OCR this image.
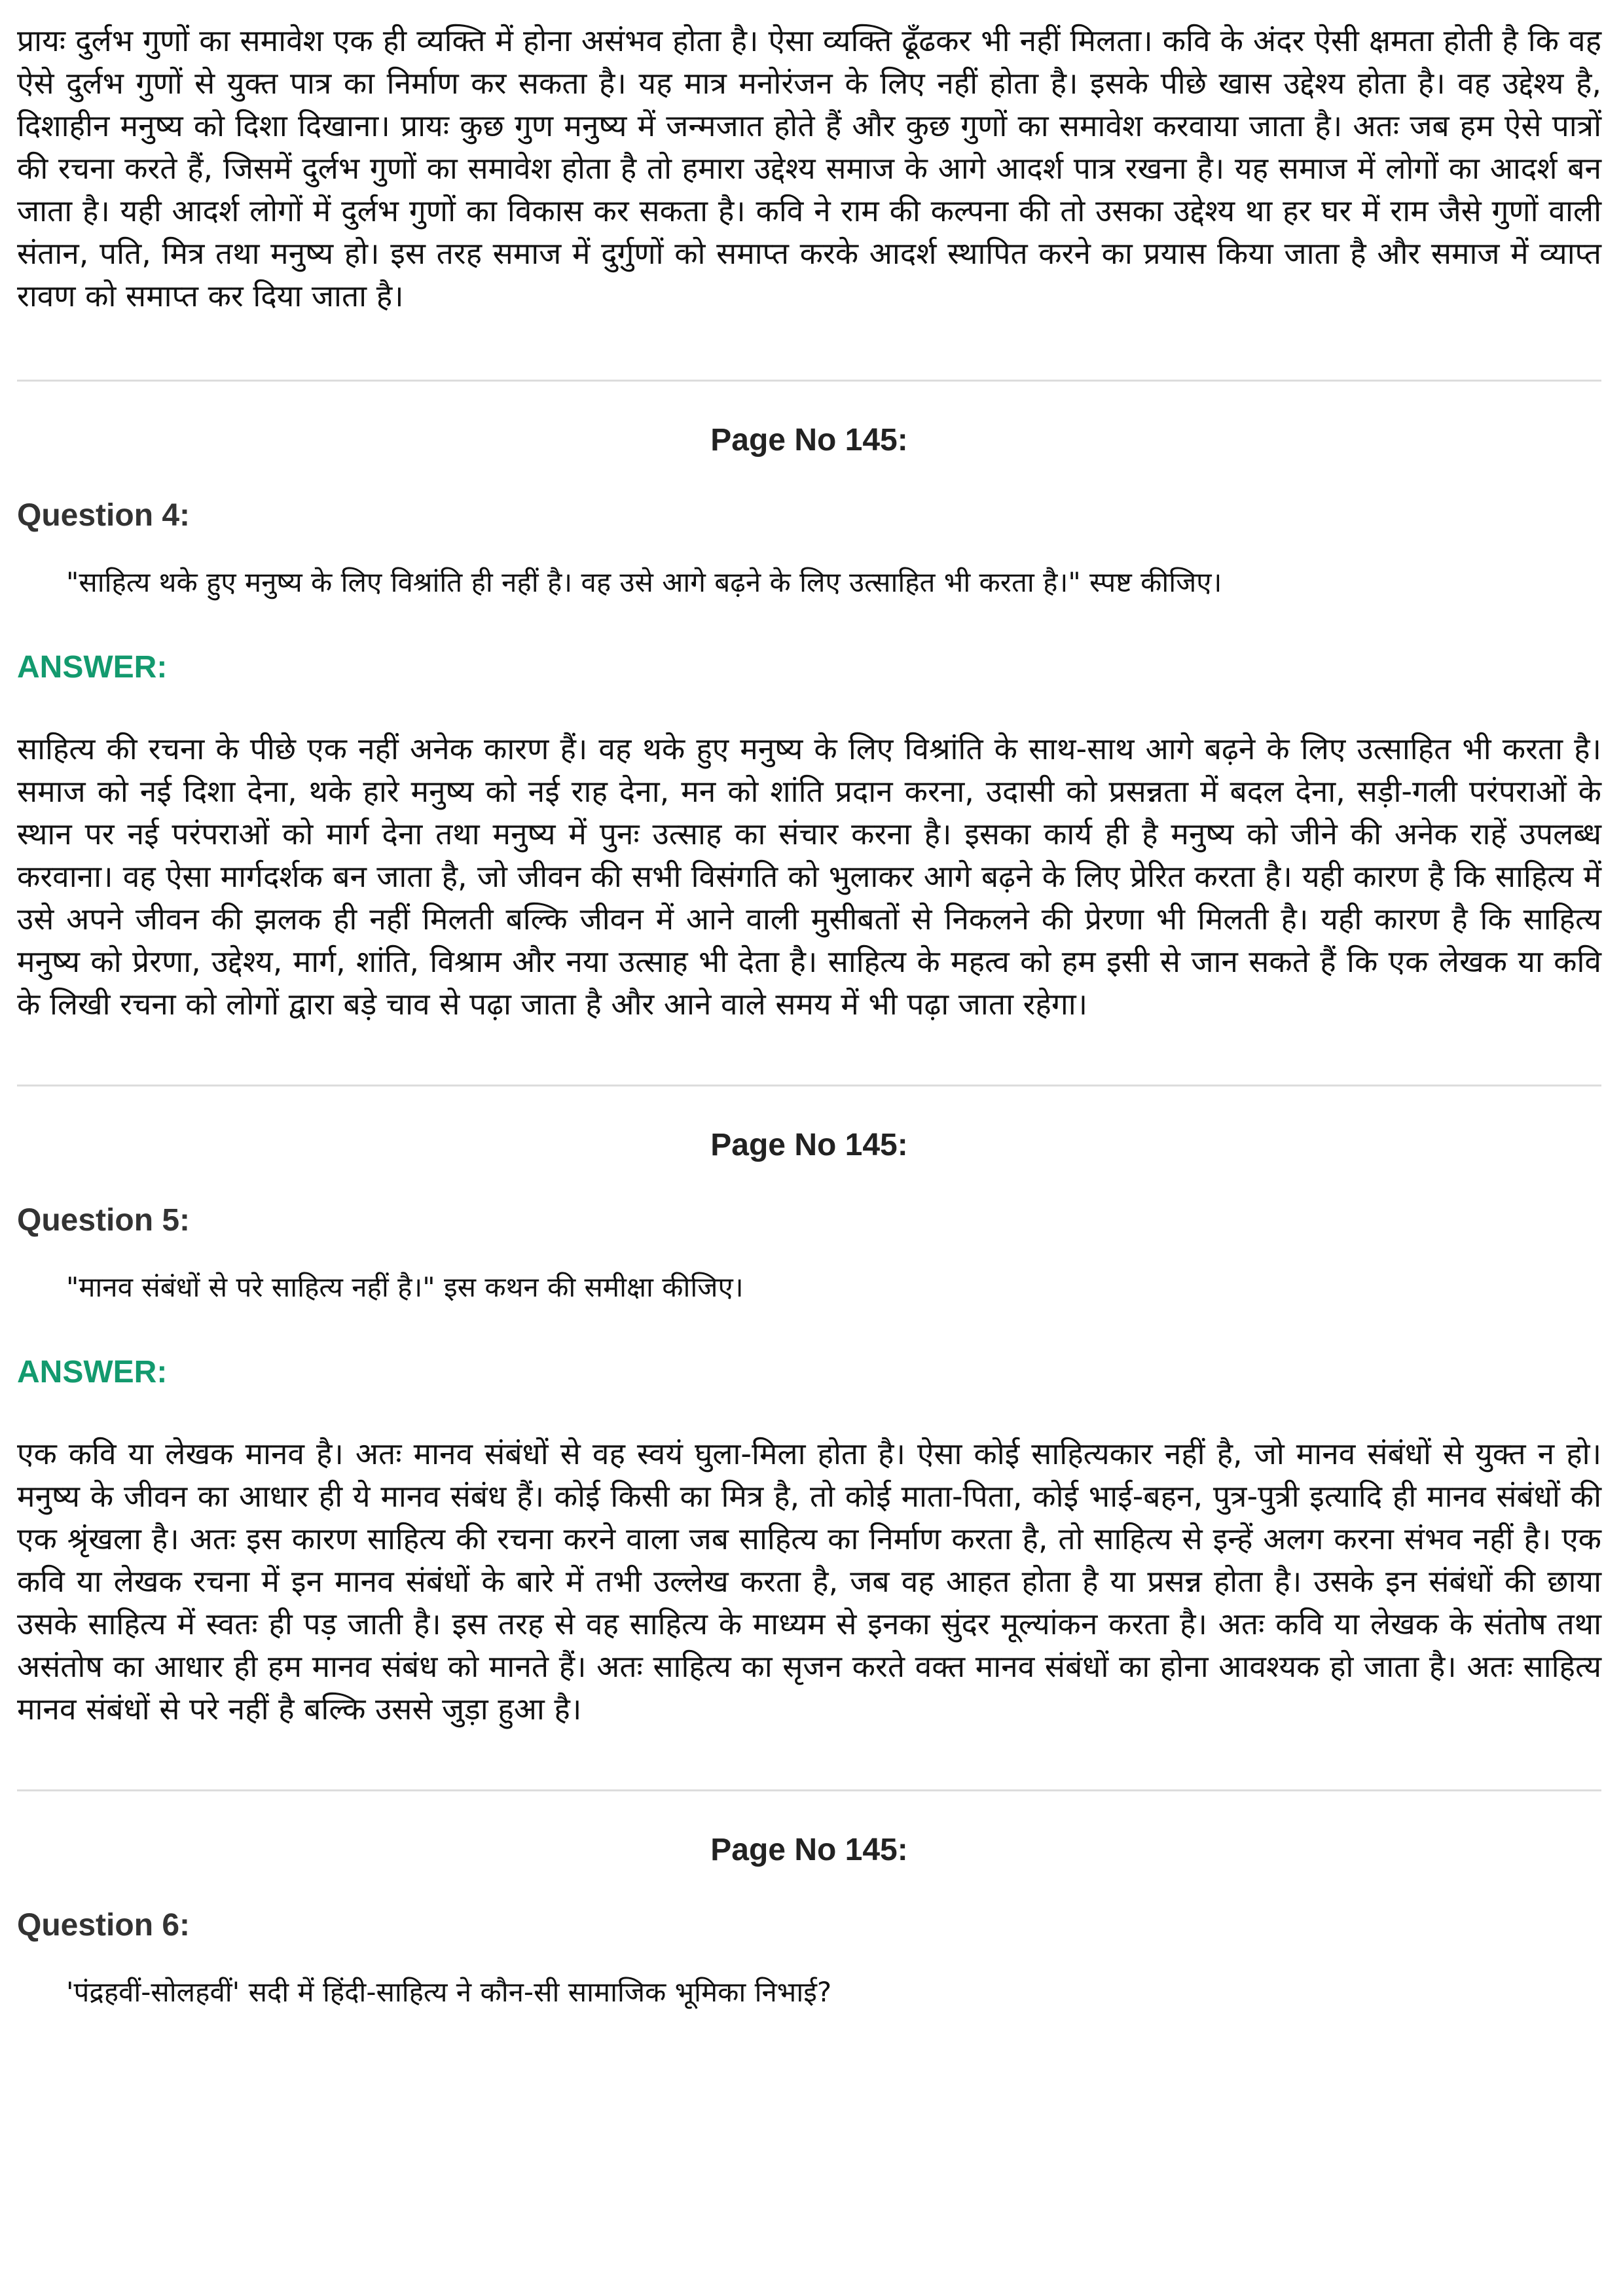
प्रायः दुर्लभ गुणों का समावेश एक ही व्यक्ति में होना असंभव होता है। ऐसा व्यक्ति ढूँढकर भी नहीं मिलता। कवि के अंदर ऐसी क्षमता होती है कि वह ऐसे दुर्लभ गुणों से युक्त पात्र का निर्माण कर सकता है। यह मात्र मनोरंजन के लिए नहीं होता है। इसके पीछे खास उद्देश्य होता है। वह उद्देश्य है, दिशाहीन मनुष्य को दिशा दिखाना। प्रायः कुछ गुण मनुष्य में जन्मजात होते हैं और कुछ गुणों का समावेश करवाया जाता है। अतः जब हम ऐसे पात्रों की रचना करते हैं, जिसमें दुर्लभ गुणों का समावेश होता है तो हमारा उद्देश्य समाज के आगे आदर्श पात्र रखना है। यह समाज में लोगों का आदर्श बन जाता है। यही आदर्श लोगों में दुर्लभ गुणों का विकास कर सकता है। कवि ने राम की कल्पना की तो उसका उद्देश्य था हर घर में राम जैसे गुणों वाली संतान, पति, मित्र तथा मनुष्य हो। इस तरह समाज में दुर्गुणों को समाप्त करके आदर्श स्थापित करने का प्रयास किया जाता है और समाज में व्याप्त रावण को समाप्त कर दिया जाता है।

Page No 145:

Question 4:

"साहित्य थके हुए मनुष्य के लिए विश्रांति ही नहीं है। वह उसे आगे बढ़ने के लिए उत्साहित भी करता है।" स्पष्ट कीजिए।

ANSWER:

साहित्य की रचना के पीछे एक नहीं अनेक कारण हैं। वह थके हुए मनुष्य के लिए विश्रांति के साथ-साथ आगे बढ़ने के लिए उत्साहित भी करता है। समाज को नई दिशा देना, थके हारे मनुष्य को नई राह देना, मन को शांति प्रदान करना, उदासी को प्रसन्नता में बदल देना, सड़ी-गली परंपराओं के स्थान पर नई परंपराओं को मार्ग देना तथा मनुष्य में पुनः उत्साह का संचार करना है। इसका कार्य ही है मनुष्य को जीने की अनेक राहें उपलब्ध करवाना। वह ऐसा मार्गदर्शक बन जाता है, जो जीवन की सभी विसंगति को भुलाकर आगे बढ़ने के लिए प्रेरित करता है। यही कारण है कि साहित्य में उसे अपने जीवन की झलक ही नहीं मिलती बल्कि जीवन में आने वाली मुसीबतों से निकलने की प्रेरणा भी मिलती है। यही कारण है कि साहित्य मनुष्य को प्रेरणा, उद्देश्य, मार्ग, शांति, विश्राम और नया उत्साह भी देता है। साहित्य के महत्व को हम इसी से जान सकते हैं कि एक लेखक या कवि के लिखी रचना को लोगों द्वारा बड़े चाव से पढ़ा जाता है और आने वाले समय में भी पढ़ा जाता रहेगा।

Page No 145:

Question 5:

"मानव संबंधों से परे साहित्य नहीं है।" इस कथन की समीक्षा कीजिए।

ANSWER:

एक कवि या लेखक मानव है। अतः मानव संबंधों से वह स्वयं घुला-मिला होता है। ऐसा कोई साहित्यकार नहीं है, जो मानव संबंधों से युक्त न हो। मनुष्य के जीवन का आधार ही ये मानव संबंध हैं। कोई किसी का मित्र है, तो कोई माता-पिता, कोई भाई-बहन, पुत्र-पुत्री इत्यादि ही मानव संबंधों की एक श्रृंखला है। अतः इस कारण साहित्य की रचना करने वाला जब साहित्य का निर्माण करता है, तो साहित्य से इन्हें अलग करना संभव नहीं है। एक कवि या लेखक रचना में इन मानव संबंधों के बारे में तभी उल्लेख करता है, जब वह आहत होता है या प्रसन्न होता है। उसके इन संबंधों की छाया उसके साहित्य में स्वतः ही पड़ जाती है। इस तरह से वह साहित्य के माध्यम से इनका सुंदर मूल्यांकन करता है। अतः कवि या लेखक के संतोष तथा असंतोष का आधार ही हम मानव संबंध को मानते हैं। अतः साहित्य का सृजन करते वक्त मानव संबंधों का होना आवश्यक हो जाता है। अतः साहित्य मानव संबंधों से परे नहीं है बल्कि उससे जुड़ा हुआ है।

Page No 145:

Question 6:

'पंद्रहवीं-सोलहवीं' सदी में हिंदी-साहित्य ने कौन-सी सामाजिक भूमिका निभाई?
